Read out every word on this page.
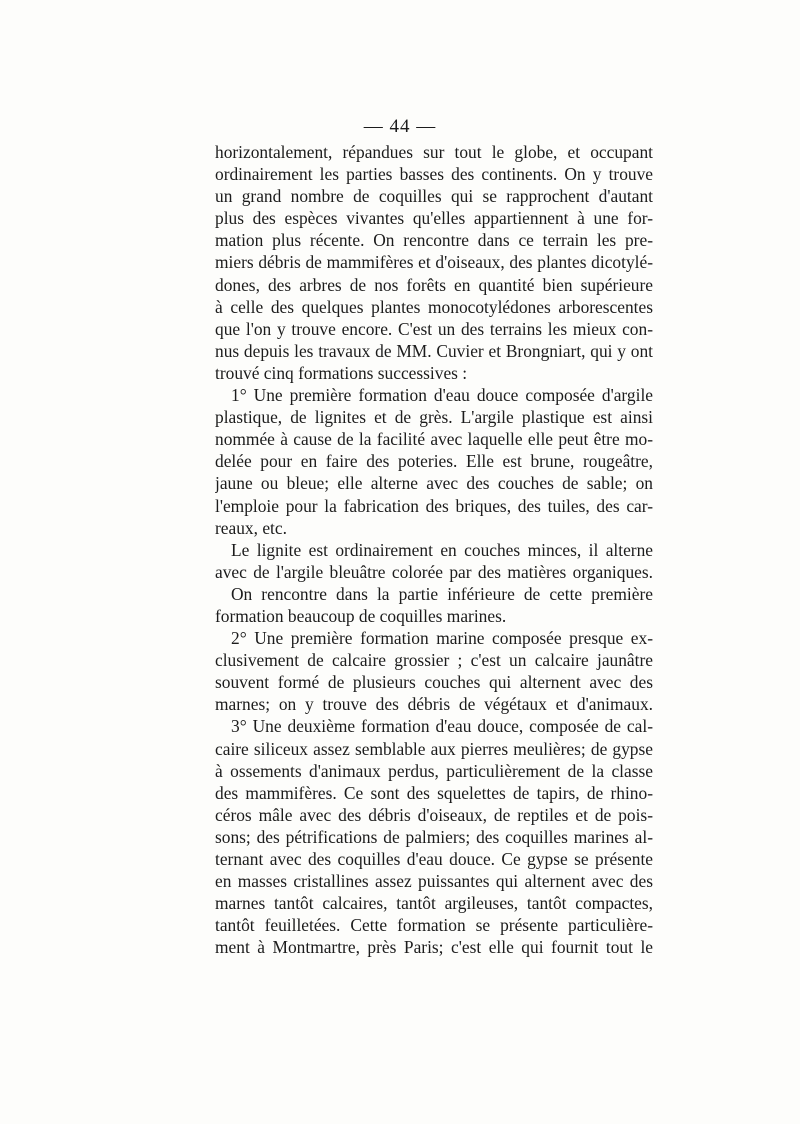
— 44 —
horizontalement, répandues sur tout le globe, et occupant
ordinairement les parties basses des continents. On y trouve
un grand nombre de coquilles qui se rapprochent d'autant
plus des espèces vivantes qu'elles appartiennent à une for-
mation plus récente. On rencontre dans ce terrain les pre-
miers débris de mammifères et d'oiseaux, des plantes dicotylé-
dones, des arbres de nos forêts en quantité bien supérieure
à celle des quelques plantes monocotylédones arborescentes
que l'on y trouve encore. C'est un des terrains les mieux con-
nus depuis les travaux de MM. Cuvier et Brongniart, qui y ont
trouvé cinq formations successives :
1° Une première formation d'eau douce composée d'argile
plastique, de lignites et de grès. L'argile plastique est ainsi
nommée à cause de la facilité avec laquelle elle peut être mo-
delée pour en faire des poteries. Elle est brune, rougeâtre,
jaune ou bleue; elle alterne avec des couches de sable; on
l'emploie pour la fabrication des briques, des tuiles, des car-
reaux, etc.
Le lignite est ordinairement en couches minces, il alterne
avec de l'argile bleuâtre colorée par des matières organiques.
On rencontre dans la partie inférieure de cette première
formation beaucoup de coquilles marines.
2° Une première formation marine composée presque ex-
clusivement de calcaire grossier ; c'est un calcaire jaunâtre
souvent formé de plusieurs couches qui alternent avec des
marnes; on y trouve des débris de végétaux et d'animaux.
3° Une deuxième formation d'eau douce, composée de cal-
caire siliceux assez semblable aux pierres meulières; de gypse
à ossements d'animaux perdus, particulièrement de la classe
des mammifères. Ce sont des squelettes de tapirs, de rhino-
céros mâle avec des débris d'oiseaux, de reptiles et de pois-
sons; des pétrifications de palmiers; des coquilles marines al-
ternant avec des coquilles d'eau douce. Ce gypse se présente
en masses cristallines assez puissantes qui alternent avec des
marnes tantôt calcaires, tantôt argileuses, tantôt compactes,
tantôt feuilletées. Cette formation se présente particulière-
ment à Montmartre, près Paris; c'est elle qui fournit tout le
